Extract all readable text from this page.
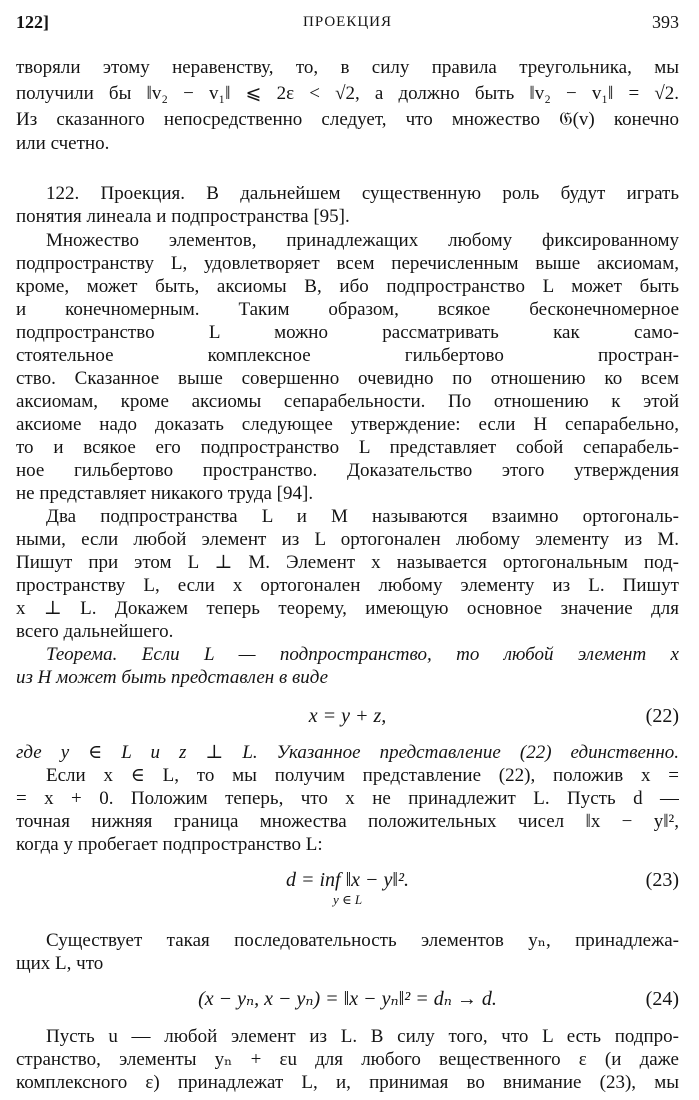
122]	ПРОЕКЦИЯ	393
творяли этому неравенству, то, в силу правила треугольника, мы
получили бы ‖v₂ − v₁‖ ⩽ 2ε < √2, а должно быть ‖v₂ − v₁‖ = √2.
Из сказанного непосредственно следует, что множество 𝔊(v) конечно
или счетно.
122. Проекция. В дальнейшем существенную роль будут играть
понятия линеала и подпространства [95].
Множество элементов, принадлежащих любому фиксированному
подпространству L, удовлетворяет всем перечисленным выше аксиомам,
кроме, может быть, аксиомы B, ибо подпространство L может быть
и конечномерным. Таким образом, всякое бесконечномерное
подпространство L можно рассматривать как само-
стоятельное комплексное гильбертово простран-
ство. Сказанное выше совершенно очевидно по отношению ко всем
аксиомам, кроме аксиомы сепарабельности. По отношению к этой
аксиоме надо доказать следующее утверждение: если H сепарабельно,
то и всякое его подпространство L представляет собой сепарабель-
ное гильбертово пространство. Доказательство этого утверждения
не представляет никакого труда [94].
Два подпространства L и M называются взаимно ортогональ-
ными, если любой элемент из L ортогонален любому элементу из M.
Пишут при этом L ⊥ M. Элемент x называется ортогональным под-
пространству L, если x ортогонален любому элементу из L. Пишут
x ⊥ L. Докажем теперь теорему, имеющую основное значение для
всего дальнейшего.
Теорема. Если L — подпространство, то любой элемент x
из H может быть представлен в виде
x = y + z,	(22)
где y ∈ L и z ⊥ L. Указанное представление (22) единственно.
Если x ∈ L, то мы получим представление (22), положив x =
= x + 0. Положим теперь, что x не принадлежит L. Пусть d —
точная нижняя граница множества положительных чисел ‖x − y‖²,
когда y пробегает подпространство L:
d = inf ‖x − y‖².	(23)
y ∈ L
Существует такая последовательность элементов yₙ, принадлежа-
щих L, что
(x − yₙ, x − yₙ) = ‖x − yₙ‖² = dₙ → d.	(24)
Пусть u — любой элемент из L. В силу того, что L есть подпро-
странство, элементы yₙ + εu для любого вещественного ε (и даже
комплексного ε) принадлежат L, и, принимая во внимание (23), мы
